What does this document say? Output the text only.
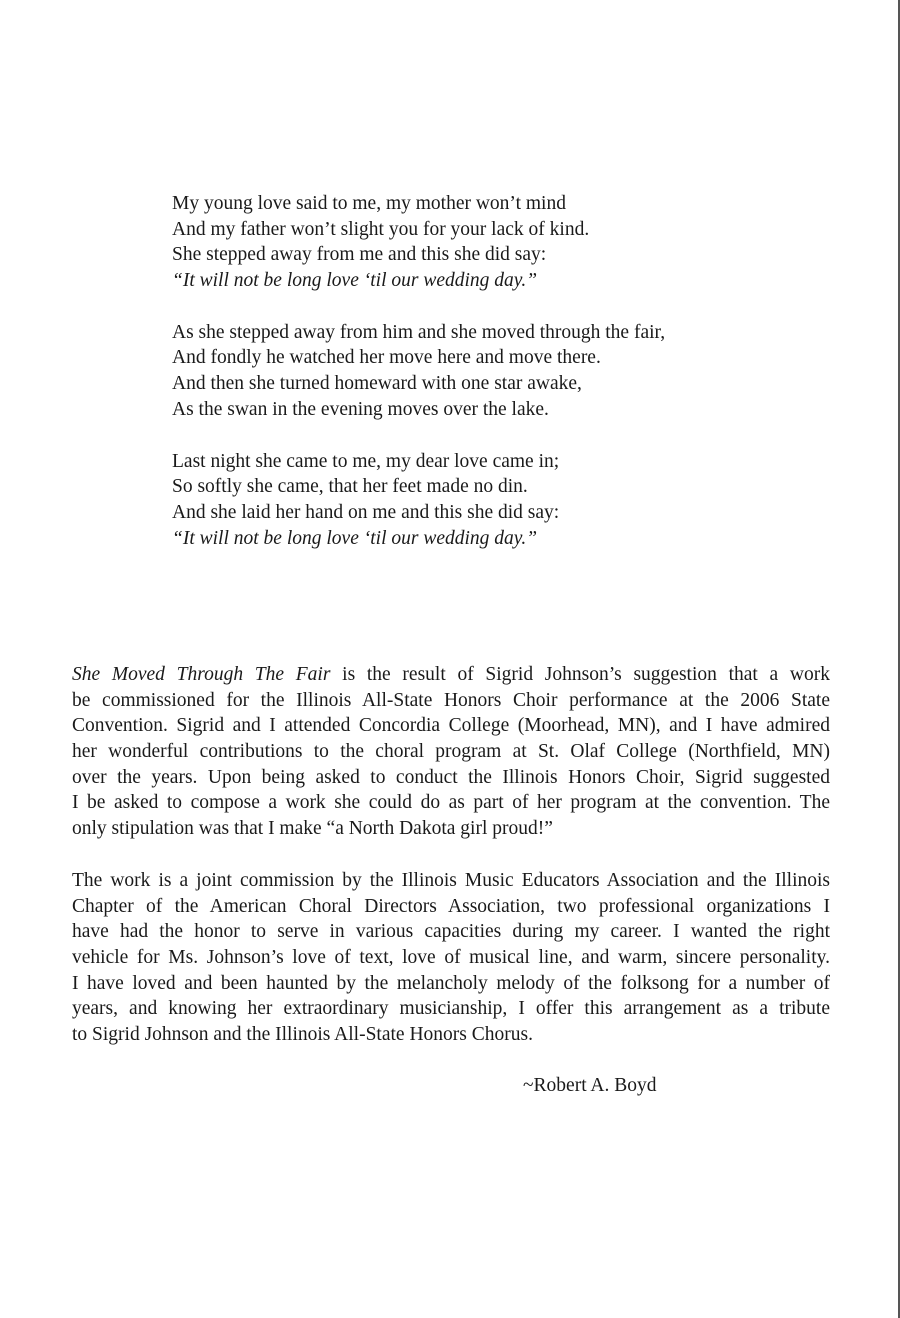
My young love said to me, my mother won’t mind
And my father won’t slight you for your lack of kind.
She stepped away from me and this she did say:
“It will not be long love ‘til our wedding day.”
As she stepped away from him and she moved through the fair,
And fondly he watched her move here and move there.
And then she turned homeward with one star awake,
As the swan in the evening moves over the lake.
Last night she came to me, my dear love came in;
So softly she came, that her feet made no din.
And she laid her hand on me and this she did say:
“It will not be long love ‘til our wedding day.”
She Moved Through The Fair is the result of Sigrid Johnson’s suggestion that a work
be commissioned for the Illinois All-State Honors Choir performance at the 2006 State
Convention. Sigrid and I attended Concordia College (Moorhead, MN), and I have admired
her wonderful contributions to the choral program at St. Olaf College (Northfield, MN)
over the years. Upon being asked to conduct the Illinois Honors Choir, Sigrid suggested
I be asked to compose a work she could do as part of her program at the convention. The
only stipulation was that I make “a North Dakota girl proud!”
The work is a joint commission by the Illinois Music Educators Association and the Illinois
Chapter of the American Choral Directors Association, two professional organizations I
have had the honor to serve in various capacities during my career. I wanted the right
vehicle for Ms. Johnson’s love of text, love of musical line, and warm, sincere personality.
I have loved and been haunted by the melancholy melody of the folksong for a number of
years, and knowing her extraordinary musicianship, I offer this arrangement as a tribute
to Sigrid Johnson and the Illinois All-State Honors Chorus.
~Robert A. Boyd
